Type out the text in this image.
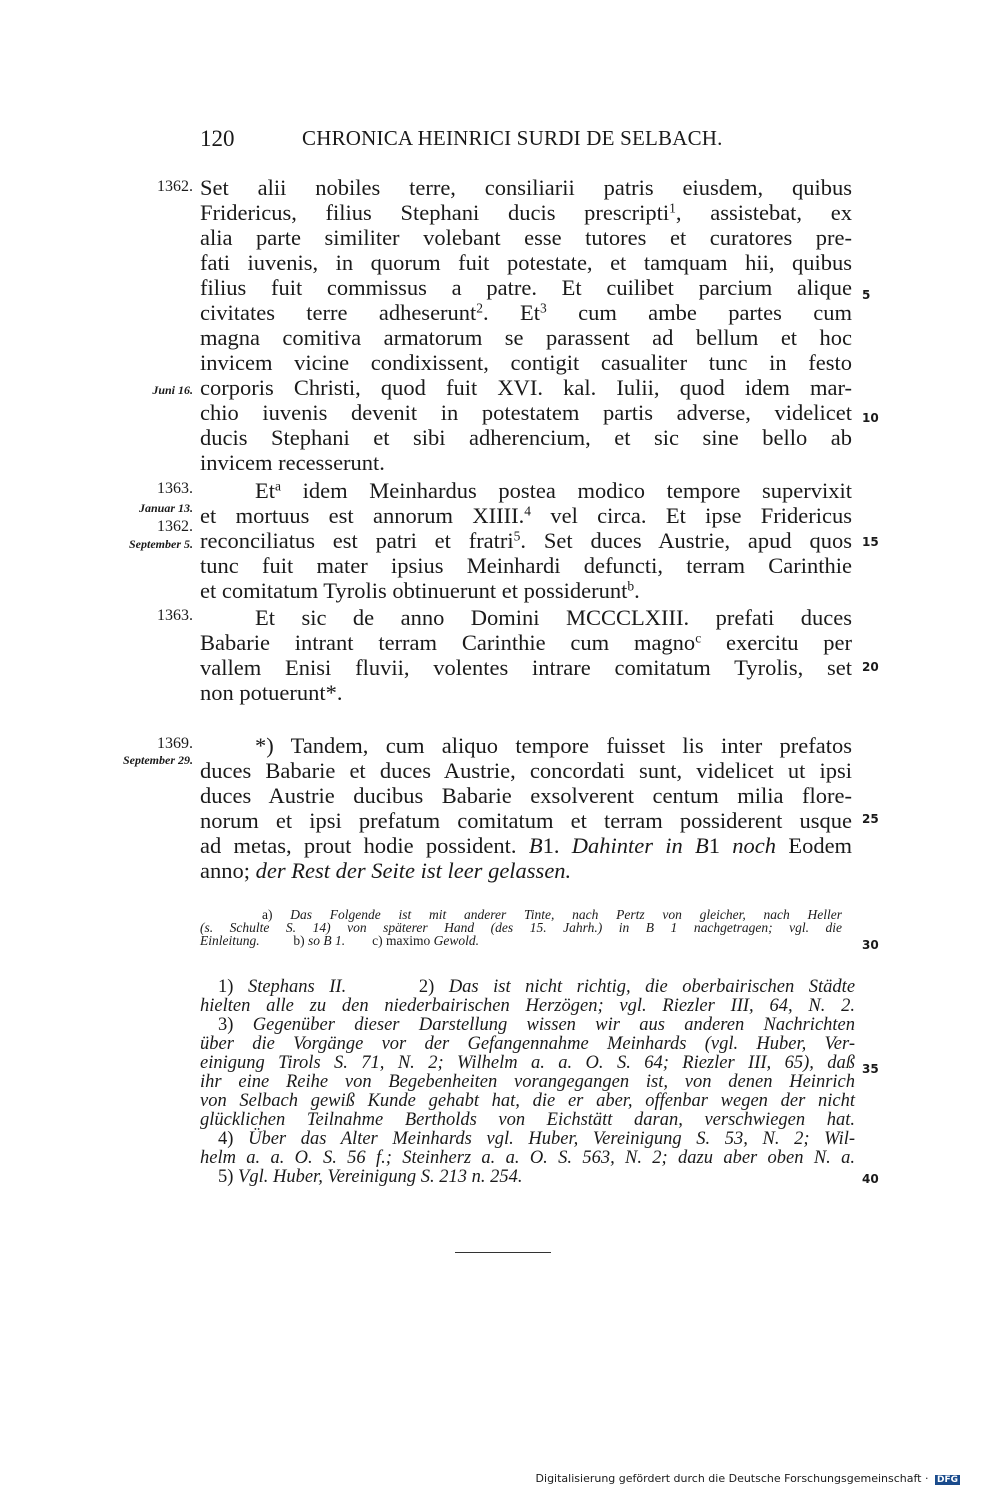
120	CHRONICA HEINRICI SURDI DE SELBACH.
1362.
Juni 16.
1363.
Januar 13.
1362.
September 5.
1363.
1369.
September 29.
5
10
15
20
25
30
35
40
Set alii nobiles terre, consiliarii patris eiusdem, quibus
Fridericus, filius Stephani ducis prescripti$^1$, assistebat, ex
alia parte similiter volebant esse tutores et curatores pre-
fati iuvenis, in quorum fuit potestate, et tamquam hii, quibus
filius fuit commissus a patre. Et cuilibet parcium alique
civitates terre adheserunt$^2$. Et$^3$ cum ambe partes cum
magna comitiva armatorum se parassent ad bellum et hoc
invicem vicine condixissent, contigit casualiter tunc in festo
corporis Christi, quod fuit XVI. kal. Iulii, quod idem mar-
chio iuvenis devenit in potestatem partis adverse, videlicet
ducis Stephani et sibi adherencium, et sic sine bello ab
invicem recesserunt.
Et$^a$ idem Meinhardus postea modico tempore supervixit
et mortuus est annorum XIIII.$^4$ vel circa. Et ipse Fridericus
reconciliatus est patri et fratri$^5$. Set duces Austrie, apud quos
tunc fuit mater ipsius Meinhardi defuncti, terram Carinthie
et comitatum Tyrolis obtinuerunt et possiderunt$^b$.
Et sic de anno Domini MCCCLXIII. prefati duces
Babarie intrant terram Carinthie cum magno$^c$ exercitu per
vallem Enisi fluvii, volentes intrare comitatum Tyrolis, set
non potuerunt*.
*) Tandem, cum aliquo tempore fuisset lis inter prefatos
duces Babarie et duces Austrie, concordati sunt, videlicet ut ipsi
duces Austrie ducibus Babarie exsolverent centum milia flore-
norum et ipsi prefatum comitatum et terram possiderent usque
ad metas, prout hodie possident. B1. Dahinter in B1 noch Eodem
anno; der Rest der Seite ist leer gelassen.
a) Das Folgende ist mit anderer Tinte, nach Pertz von gleicher, nach Heller
(s. Schulte S. 14) von späterer Hand (des 15. Jahrh.) in B 1 nachgetragen; vgl. die
Einleitung.	b) so B 1. c) maximo Gewold.
1) Stephans II.	2) Das ist nicht richtig, die oberbairischen Städte
hielten alle zu den niederbairischen Herzögen; vgl. Riezler III, 64, N. 2.
3) Gegenüber dieser Darstellung wissen wir aus anderen Nachrichten
über die Vorgänge vor der Gefangennahme Meinhards (vgl. Huber, Ver-
einigung Tirols S. 71, N. 2; Wilhelm a. a. O. S. 64; Riezler III, 65), daß
ihr eine Reihe von Begebenheiten vorangegangen ist, von denen Heinrich
von Selbach gewiß Kunde gehabt hat, die er aber, offenbar wegen der nicht
glücklichen Teilnahme Bertholds von Eichstätt daran, verschwiegen hat.
4) Über das Alter Meinhards vgl. Huber, Vereinigung S. 53, N. 2; Wil-
helm a. a. O. S. 56 f.; Steinherz a. a. O. S. 563, N. 2; dazu aber oben N. a.
5) Vgl. Huber, Vereinigung S. 213 n. 254.
Digitalisierung gefördert durch die Deutsche Forschungsgemeinschaft · DFG
